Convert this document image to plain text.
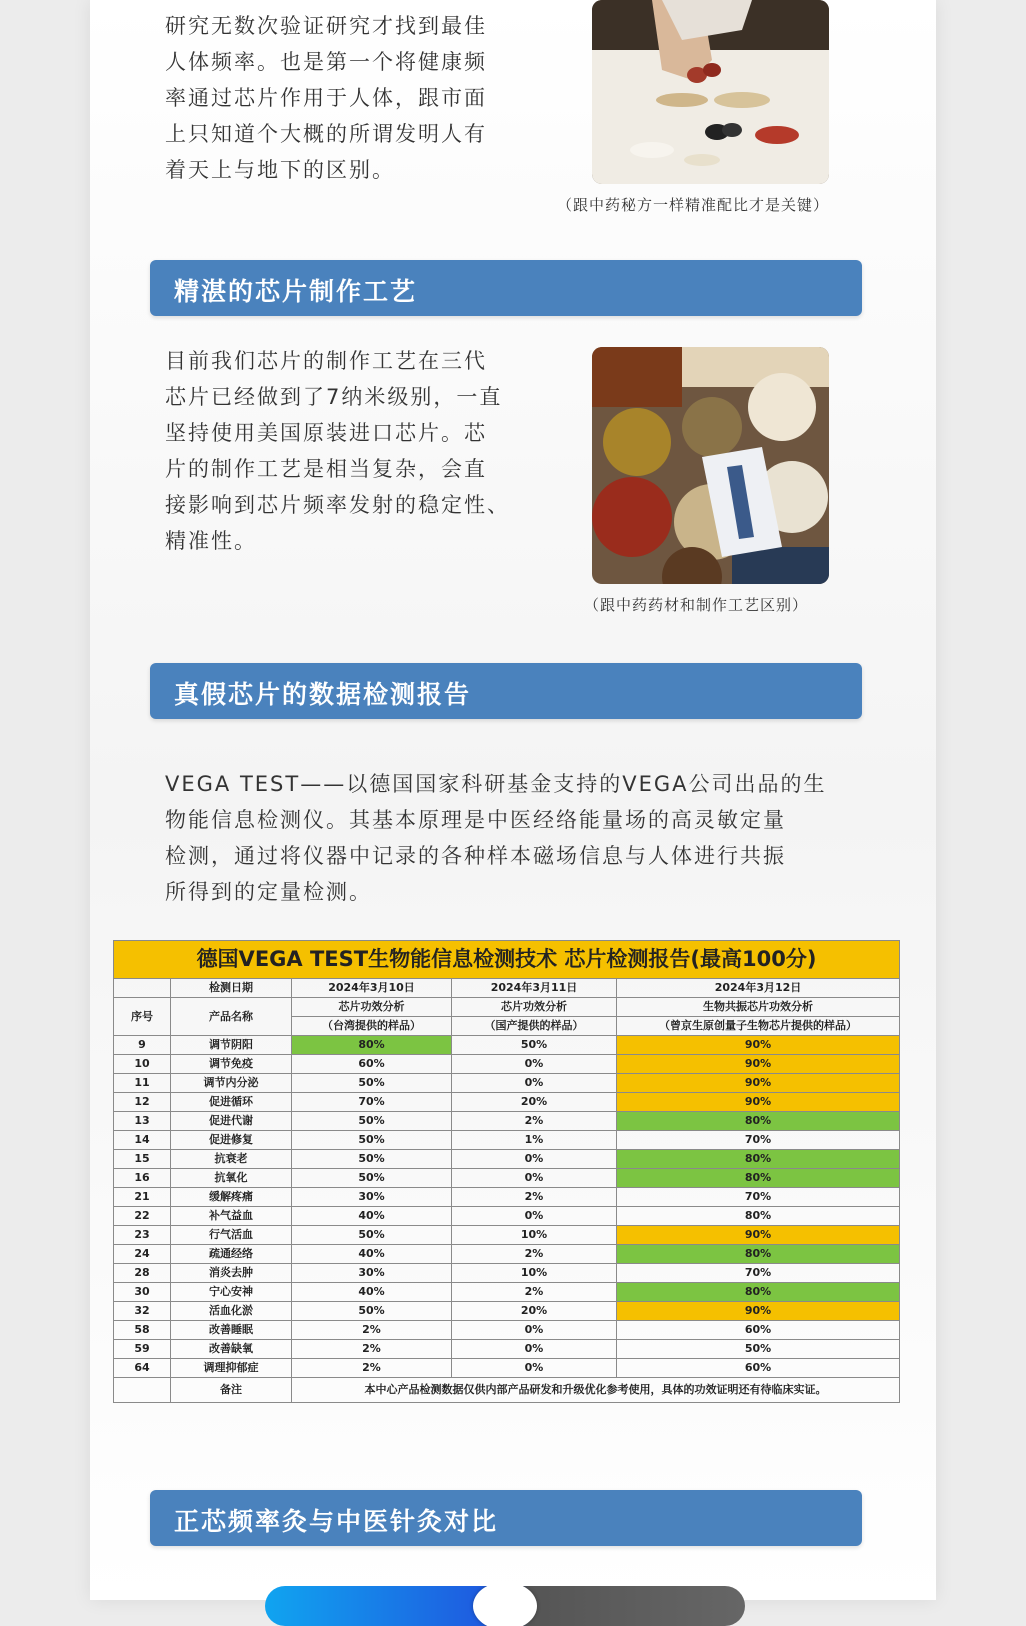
研究无数次验证研究才找到最佳
人体频率。也是第一个将健康频
率通过芯片作用于人体，跟市面
上只知道个大概的所谓发明人有
着天上与地下的区别。

（跟中药秘方一样精准配比才是关键）
精湛的芯片制作工艺

目前我们芯片的制作工艺在三代
芯片已经做到了7纳米级别，一直
坚持使用美国原装进口芯片。芯
片的制作工艺是相当复杂，会直
接影响到芯片频率发射的稳定性、
精准性。

（跟中药药材和制作工艺区别）
真假芯片的数据检测报告

VEGA TEST——以德国国家科研基金支持的VEGA公司出品的生
物能信息检测仪。其基本原理是中医经络能量场的高灵敏定量
检测，通过将仪器中记录的各种样本磁场信息与人体进行共振
所得到的定量检测。

德国VEGA TEST生物能信息检测技术 芯片检测报告(最高100分)				
	检测日期	2024年3月10日	2024年3月11日	2024年3月12日
序号	产品名称	芯片功效分析	芯片功效分析	生物共振芯片功效分析
		（台湾提供的样品）	（国产提供的样品）	（曾京生原创量子生物芯片提供的样品）
9	调节阴阳	80%	50%	90%
10	调节免疫	60%	0%	90%
11	调节内分泌	50%	0%	90%
12	促进循环	70%	20%	90%
13	促进代谢	50%	2%	80%
14	促进修复	50%	1%	70%
15	抗衰老	50%	0%	80%
16	抗氧化	50%	0%	80%
21	缓解疼痛	30%	2%	70%
22	补气益血	40%	0%	80%
23	行气活血	50%	10%	90%
24	疏通经络	40%	2%	80%
28	消炎去肿	30%	10%	70%
30	宁心安神	40%	2%	80%
32	活血化淤	50%	20%	90%
58	改善睡眠	2%	0%	60%
59	改善缺氧	2%	0%	50%
64	调理抑郁症	2%	0%	60%
	备注	本中心产品检测数据仅供内部产品研发和升级优化参考使用，具体的功效证明还有待临床实证。		
正芯频率灸与中医针灸对比
